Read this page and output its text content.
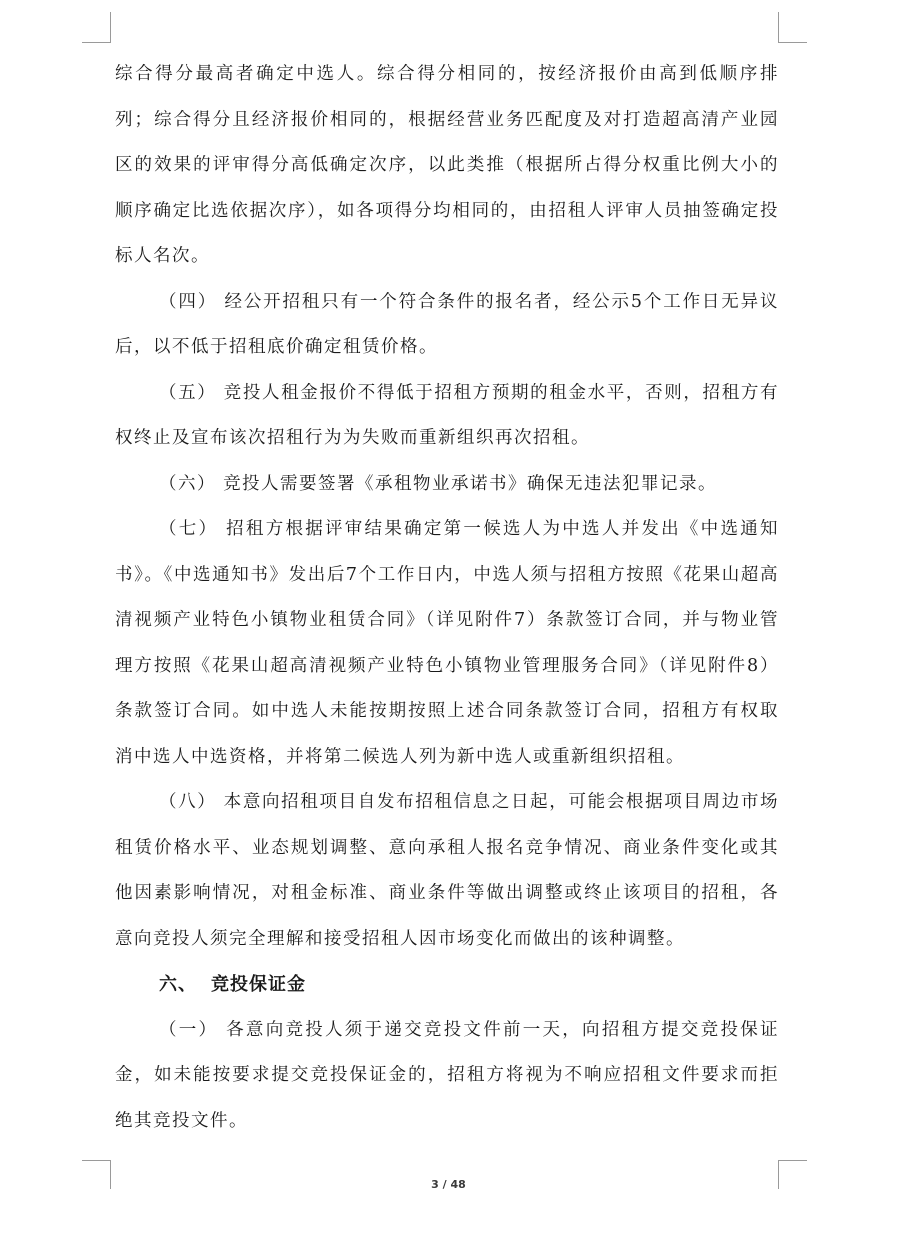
综合得分最高者确定中选人。综合得分相同的，按经济报价由高到低顺序排列；综合得分且经济报价相同的，根据经营业务匹配度及对打造超高清产业园区的效果的评审得分高低确定次序，以此类推（根据所占得分权重比例大小的顺序确定比选依据次序），如各项得分均相同的，由招租人评审人员抽签确定投标人名次。

（四） 经公开招租只有一个符合条件的报名者，经公示5个工作日无异议后，以不低于招租底价确定租赁价格。

（五） 竞投人租金报价不得低于招租方预期的租金水平，否则，招租方有权终止及宣布该次招租行为为失败而重新组织再次招租。

（六） 竞投人需要签署《承租物业承诺书》确保无违法犯罪记录。

（七） 招租方根据评审结果确定第一候选人为中选人并发出《中选通知书》。《中选通知书》发出后7个工作日内，中选人须与招租方按照《花果山超高清视频产业特色小镇物业租赁合同》（详见附件7）条款签订合同，并与物业管理方按照《花果山超高清视频产业特色小镇物业管理服务合同》（详见附件8）条款签订合同。如中选人未能按期按照上述合同条款签订合同，招租方有权取消中选人中选资格，并将第二候选人列为新中选人或重新组织招租。

（八） 本意向招租项目自发布招租信息之日起，可能会根据项目周边市场租赁价格水平、业态规划调整、意向承租人报名竞争情况、商业条件变化或其他因素影响情况，对租金标准、商业条件等做出调整或终止该项目的招租，各意向竞投人须完全理解和接受招租人因市场变化而做出的该种调整。

六、 竞投保证金

（一） 各意向竞投人须于递交竞投文件前一天，向招租方提交竞投保证金，如未能按要求提交竞投保证金的，招租方将视为不响应招租文件要求而拒绝其竞投文件。

3 / 48
